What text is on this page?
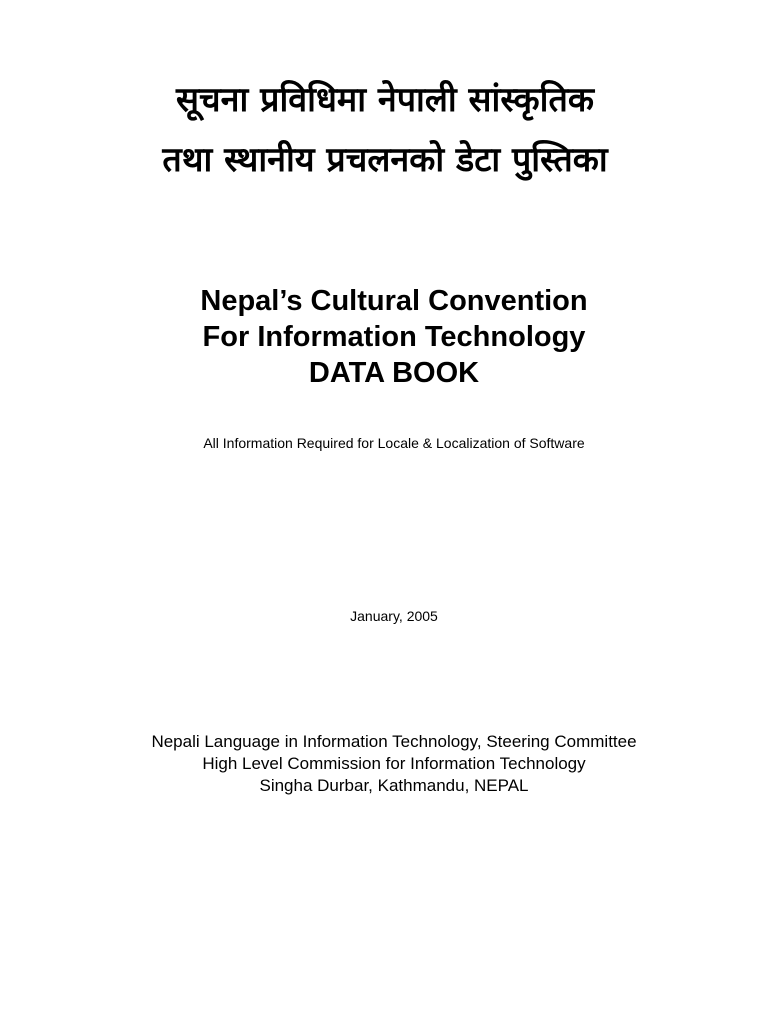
सूचना प्रविधिमा नेपाली सांस्कृतिक
तथा स्थानीय प्रचलनको डेटा पुस्तिका
Nepal’s Cultural Convention
For Information Technology
DATA BOOK
All Information Required for Locale & Localization of Software
January, 2005
Nepali Language in Information Technology, Steering Committee
High Level Commission for Information Technology
Singha Durbar, Kathmandu, NEPAL
